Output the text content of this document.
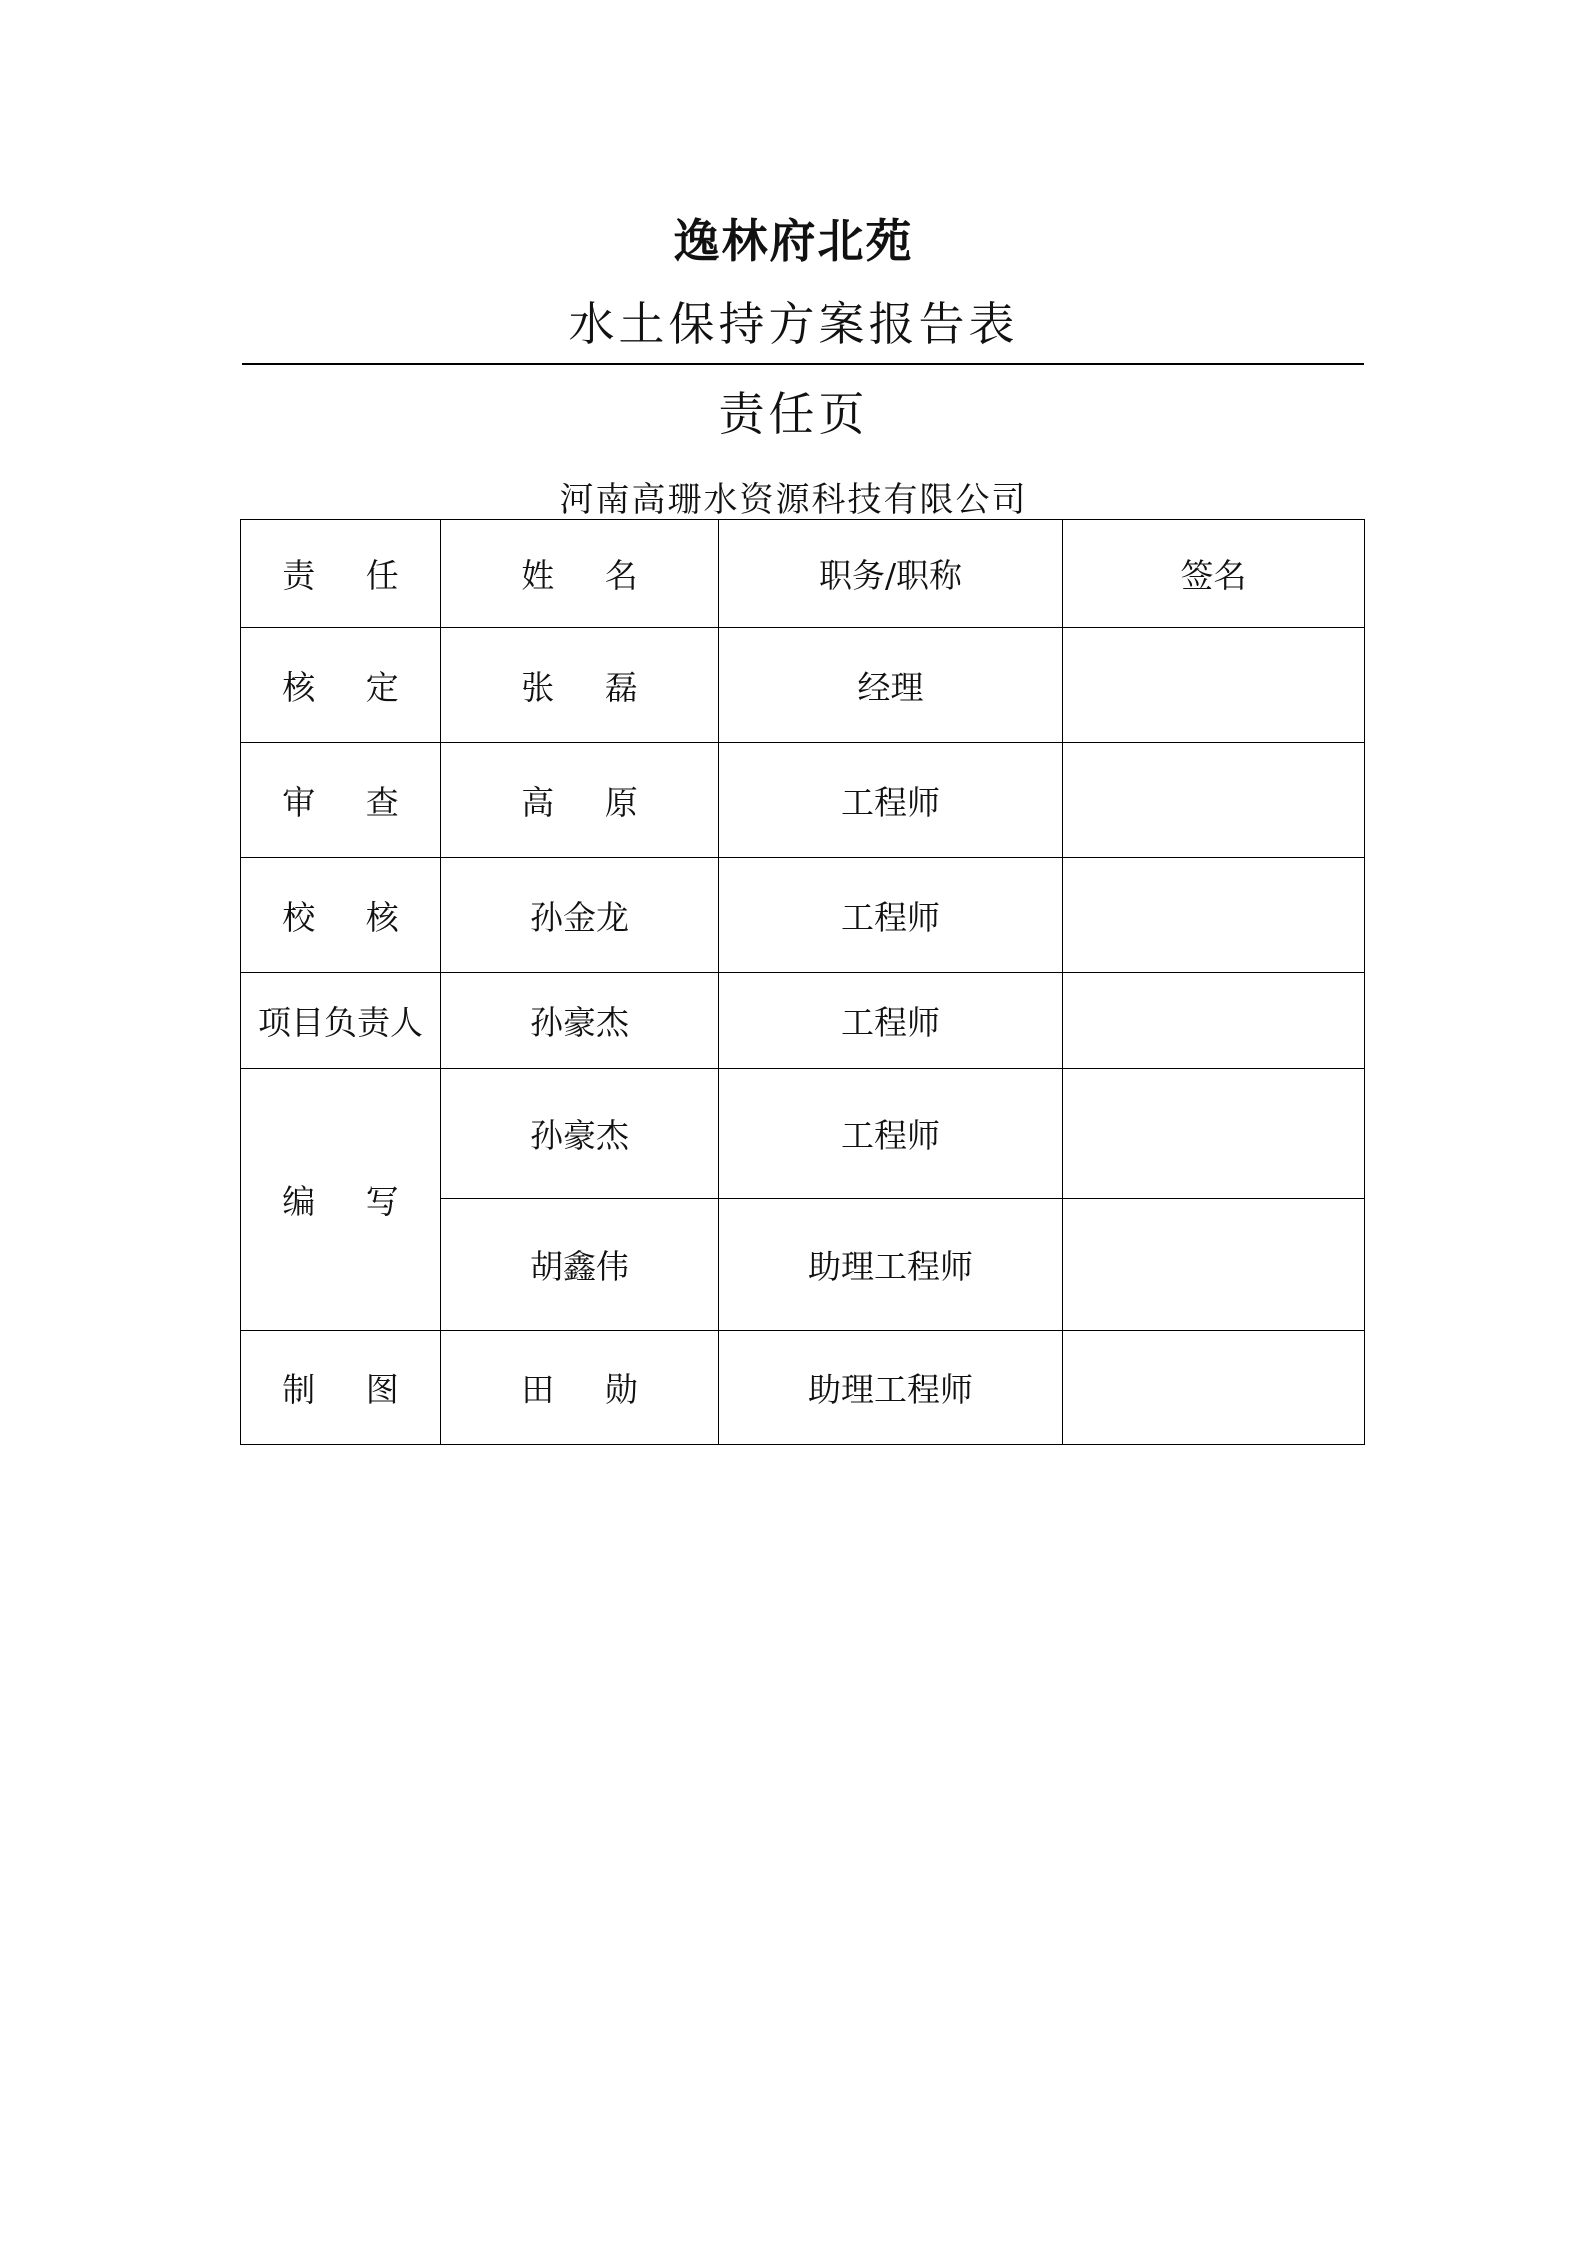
逸林府北苑
水土保持方案报告表
责任页
河南高珊水资源科技有限公司
责 任	姓 名	职务/职称	签名
核 定	张 磊	经理	
审 查	高 原	工程师	
校 核	孙金龙	工程师	
项目负责人	孙豪杰	工程师	
编 写	孙豪杰	工程师	
	胡鑫伟	助理工程师	
制 图	田 勋	助理工程师	
